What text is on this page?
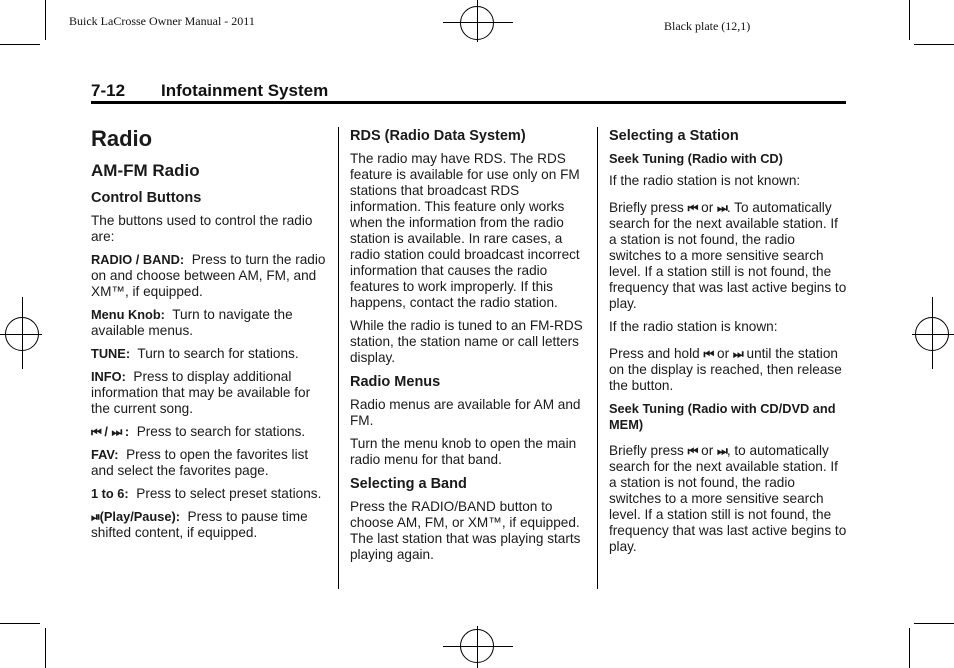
Buick LaCrosse Owner Manual - 2011	Black plate (12,1)
7-12 Infotainment System
Radio
AM-FM Radio
Control Buttons

The buttons used to control the radio are:

RADIO / BAND: Press to turn the radio on and choose between AM, FM, and XM™, if equipped.

Menu Knob: Turn to navigate the available menus.

TUNE: Turn to search for stations.

INFO: Press to display additional information that may be available for the current song.

⏮ / ⏭ : Press to search for stations.

FAV: Press to open the favorites list and select the favorites page.

1 to 6: Press to select preset stations.

⏯(Play/Pause): Press to pause time shifted content, if equipped.

RDS (Radio Data System)

The radio may have RDS. The RDS feature is available for use only on FM stations that broadcast RDS information. This feature only works when the information from the radio station is available. In rare cases, a radio station could broadcast incorrect information that causes the radio features to work improperly. If this happens, contact the radio station.

While the radio is tuned to an FM-RDS station, the station name or call letters display.

Radio Menus

Radio menus are available for AM and FM.

Turn the menu knob to open the main radio menu for that band.

Selecting a Band

Press the RADIO/BAND button to choose AM, FM, or XM™, if equipped. The last station that was playing starts playing again.

Selecting a Station
Seek Tuning (Radio with CD)

If the radio station is not known:

Briefly press ⏮ or ⏭. To automatically search for the next available station. If a station is not found, the radio switches to a more sensitive search level. If a station still is not found, the frequency that was last active begins to play.

If the radio station is known:

Press and hold ⏮ or ⏭ until the station on the display is reached, then release the button.

Seek Tuning (Radio with CD/DVD and MEM)

Briefly press ⏮ or ⏭, to automatically search for the next available station. If a station is not found, the radio switches to a more sensitive search level. If a station still is not found, the frequency that was last active begins to play.
